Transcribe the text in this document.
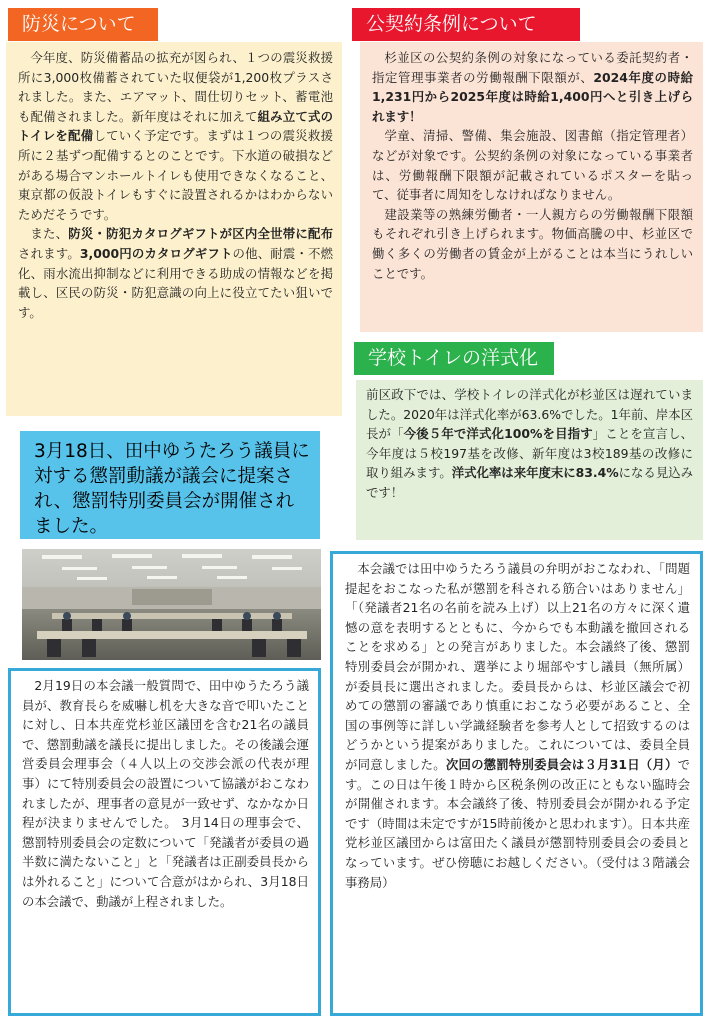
防災について

今年度、防災備蓄品の拡充が図られ、１つの震災救援所に3,000枚備蓄されていた収便袋が1,200枚プラスされました。また、エアマット、間仕切りセット、蓄電池も配備されました。新年度はそれに加えて組み立て式のトイレを配備していく予定です。まずは１つの震災救援所に２基ずつ配備するとのことです。下水道の破損などがある場合マンホールトイレも使用できなくなること、東京都の仮設トイレもすぐに設置されるかはわからないためだそうです。

また、防災・防犯カタログギフトが区内全世帯に配布されます。3,000円のカタログギフトの他、耐震・不燃化、雨水流出抑制などに利用できる助成の情報などを掲載し、区民の防災・防犯意識の向上に役立てたい狙いです。

公契約条例について

杉並区の公契約条例の対象になっている委託契約者・指定管理事業者の労働報酬下限額が、2024年度の時給1,231円から2025年度は時給1,400円へと引き上げられます！

学童、清掃、警備、集会施設、図書館（指定管理者）などが対象です。公契約条例の対象になっている事業者は、労働報酬下限額が記載されているポスターを貼って、従事者に周知をしなければなりません。

建設業等の熟練労働者・一人親方らの労働報酬下限額もそれぞれ引き上げられます。物価高騰の中、杉並区で働く多くの労働者の賃金が上がることは本当にうれしいことです。

学校トイレの洋式化

前区政下では、学校トイレの洋式化が杉並区は遅れていました。2020年は洋式化率が63.6%でした。1年前、岸本区長が「今後５年で洋式化100%を目指す」ことを宣言し、今年度は５校197基を改修、新年度は3校189基の改修に取り組みます。洋式化率は来年度末に83.4%になる見込みです！

3月18日、田中ゆうたろう議員に対する懲罰動議が議会に提案され、懲罰特別委員会が開催されました。

2月19日の本会議一般質問で、田中ゆうたろう議員が、教育長らを威嚇し机を大きな音で叩いたことに対し、日本共産党杉並区議団を含む21名の議員で、懲罰動議を議長に提出しました。その後議会運営委員会理事会（４人以上の交渉会派の代表が理事）にて特別委員会の設置について協議がおこなわれましたが、理事者の意見が一致せず、なかなか日程が決まりませんでした。 3月14日の理事会で、懲罰特別委員会の定数について「発議者が委員の過半数に満たないこと」と「発議者は正副委員長からは外れること」について合意がはかられ、3月18日の本会議で、動議が上程されました。

本会議では田中ゆうたろう議員の弁明がおこなわれ、「問題提起をおこなった私が懲罰を科される筋合いはありません」「（発議者21名の名前を読み上げ）以上21名の方々に深く遺憾の意を表明するとともに、今からでも本動議を撤回されることを求める」との発言がありました。本会議終了後、懲罰特別委員会が開かれ、選挙により堀部やすし議員（無所属）が委員長に選出されました。委員長からは、杉並区議会で初めての懲罰の審議であり慎重におこなう必要があること、全国の事例等に詳しい学識経験者を参考人として招致するのはどうかという提案がありました。これについては、委員全員が同意しました。次回の懲罰特別委員会は３月31日（月）です。この日は午後１時から区税条例の改正にともない臨時会が開催されます。本会議終了後、特別委員会が開かれる予定です（時間は未定ですが15時前後かと思われます）。日本共産党杉並区議団からは富田たく議員が懲罰特別委員会の委員となっています。ぜひ傍聴にお越しください。（受付は３階議会事務局）
